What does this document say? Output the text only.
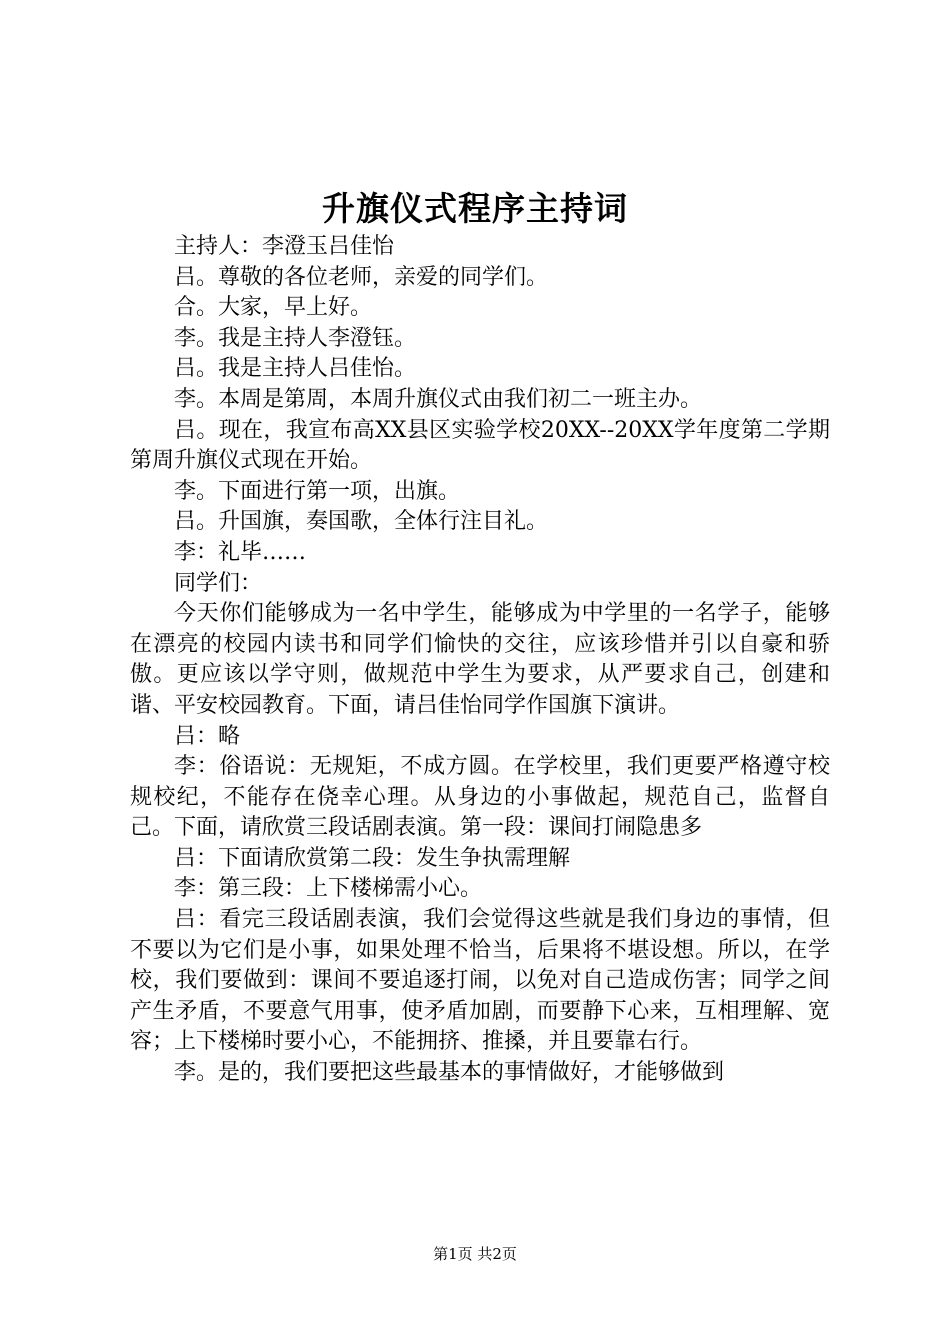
升旗仪式程序主持词

主持人：李澄玉吕佳怡

吕。尊敬的各位老师，亲爱的同学们。

合。大家，早上好。

李。我是主持人李澄钰。

吕。我是主持人吕佳怡。

李。本周是第周，本周升旗仪式由我们初二一班主办。

吕。现在，我宣布高XX县区实验学校20XX--20XX学年度第二学期第周升旗仪式现在开始。

李。下面进行第一项，出旗。

吕。升国旗，奏国歌，全体行注目礼。

李：礼毕……

同学们：

今天你们能够成为一名中学生，能够成为中学里的一名学子，能够在漂亮的校园内读书和同学们愉快的交往，应该珍惜并引以自豪和骄傲。更应该以学守则，做规范中学生为要求，从严要求自己，创建和谐、平安校园教育。下面，请吕佳怡同学作国旗下演讲。

吕：略

李：俗语说：无规矩，不成方圆。在学校里，我们更要严格遵守校规校纪，不能存在侥幸心理。从身边的小事做起，规范自己，监督自己。下面，请欣赏三段话剧表演。第一段：课间打闹隐患多

吕：下面请欣赏第二段：发生争执需理解

李：第三段：上下楼梯需小心。

吕：看完三段话剧表演，我们会觉得这些就是我们身边的事情，但不要以为它们是小事，如果处理不恰当，后果将不堪设想。所以，在学校，我们要做到：课间不要追逐打闹，以免对自己造成伤害；同学之间产生矛盾，不要意气用事，使矛盾加剧，而要静下心来，互相理解、宽容；上下楼梯时要小心，不能拥挤、推搡，并且要靠右行。

李。是的，我们要把这些最基本的事情做好，才能够做到

第1页 共2页
